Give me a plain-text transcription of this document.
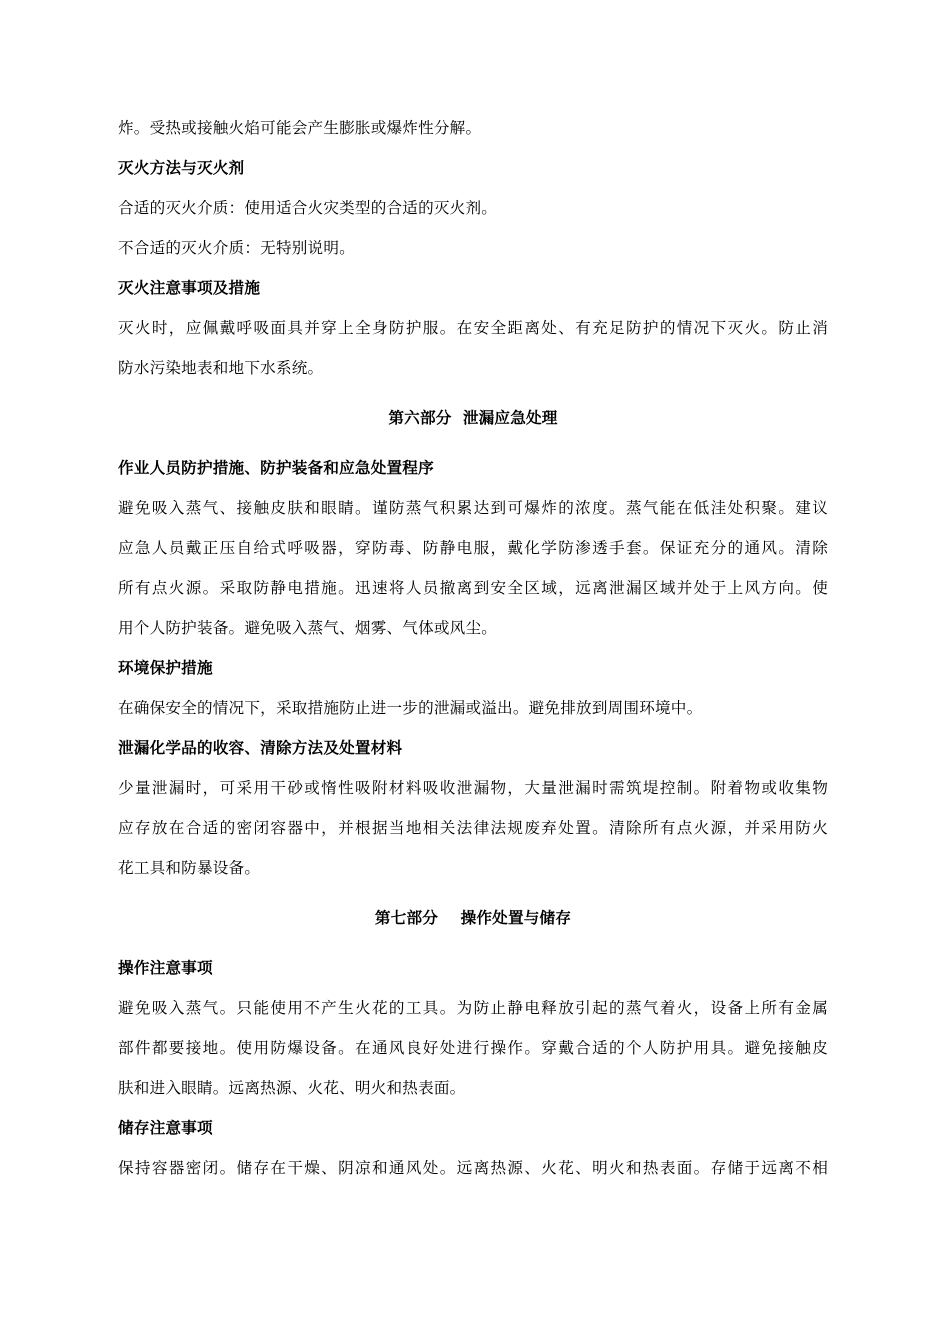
炸。受热或接触火焰可能会产生膨胀或爆炸性分解。

灭火方法与灭火剂

合适的灭火介质：使用适合火灾类型的合适的灭火剂。

不合适的灭火介质：无特别说明。

灭火注意事项及措施

灭火时，应佩戴呼吸面具并穿上全身防护服。在安全距离处、有充足防护的情况下灭火。防止消
防水污染地表和地下水系统。

第六部分  泄漏应急处理

作业人员防护措施、防护装备和应急处置程序

避免吸入蒸气、接触皮肤和眼睛。谨防蒸气积累达到可爆炸的浓度。蒸气能在低洼处积聚。建议
应急人员戴正压自给式呼吸器，穿防毒、防静电服，戴化学防渗透手套。保证充分的通风。清除
所有点火源。采取防静电措施。迅速将人员撤离到安全区域，远离泄漏区域并处于上风方向。使
用个人防护装备。避免吸入蒸气、烟雾、气体或风尘。

环境保护措施

在确保安全的情况下，采取措施防止进一步的泄漏或溢出。避免排放到周围环境中。

泄漏化学品的收容、清除方法及处置材料

少量泄漏时，可采用干砂或惰性吸附材料吸收泄漏物，大量泄漏时需筑堤控制。附着物或收集物
应存放在合适的密闭容器中，并根据当地相关法律法规废弃处置。清除所有点火源，并采用防火
花工具和防暴设备。

第七部分    操作处置与储存

操作注意事项

避免吸入蒸气。只能使用不产生火花的工具。为防止静电释放引起的蒸气着火，设备上所有金属
部件都要接地。使用防爆设备。在通风良好处进行操作。穿戴合适的个人防护用具。避免接触皮
肤和进入眼睛。远离热源、火花、明火和热表面。

储存注意事项

保持容器密闭。储存在干燥、阴凉和通风处。远离热源、火花、明火和热表面。存储于远离不相
